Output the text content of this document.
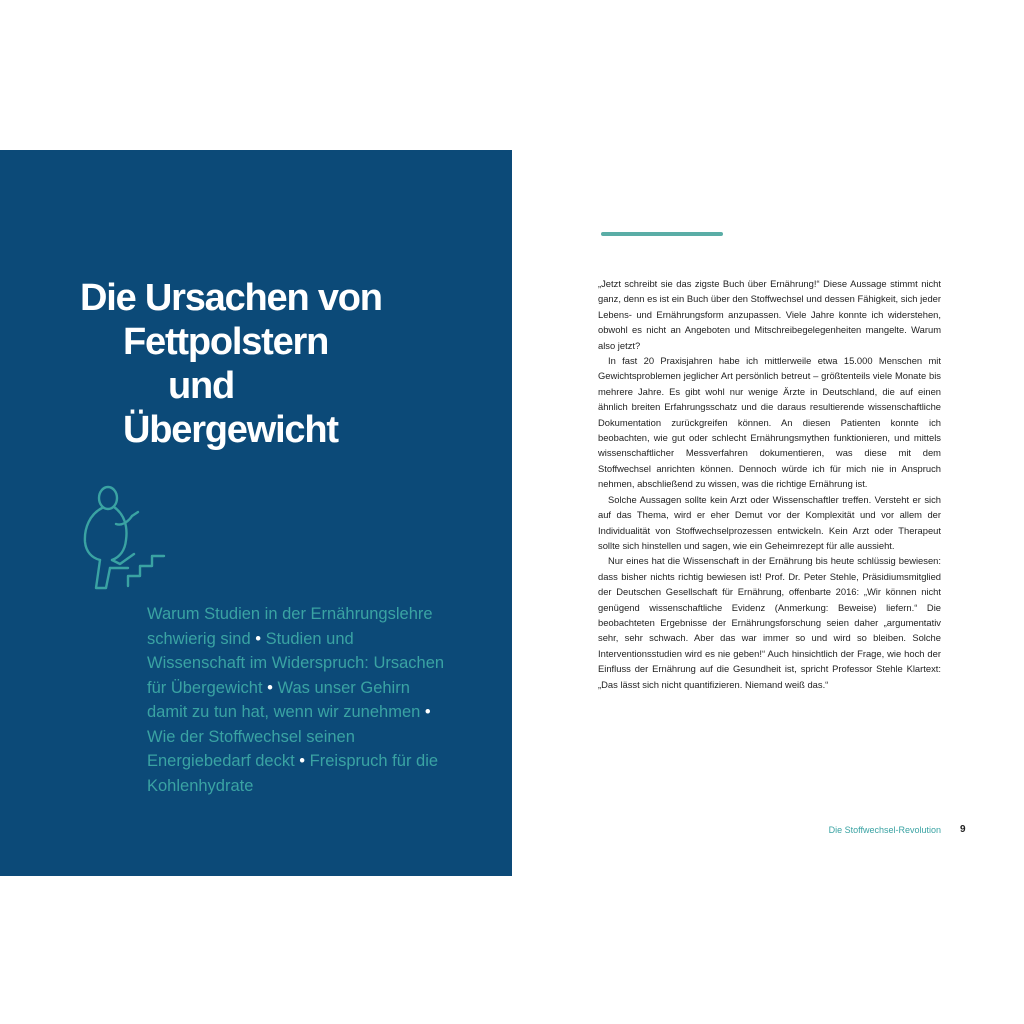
Die Ursachen von
Fettpolstern
und
Übergewicht

Warum Studien in der Ernährungslehre schwierig sind • Studien und Wissenschaft im Widerspruch: Ursachen für Übergewicht • Was unser Gehirn damit zu tun hat, wenn wir zunehmen • Wie der Stoffwechsel seinen Energiebedarf deckt • Freispruch für die Kohlenhydrate

8

„Jetzt schreibt sie das zigste Buch über Ernährung!“ Diese Aussage stimmt nicht ganz, denn es ist ein Buch über den Stoffwechsel und dessen Fähigkeit, sich jeder Lebens- und Ernährungsform anzupassen. Viele Jahre konnte ich widerstehen, obwohl es nicht an Angeboten und Mitschreibegelegenheiten mangelte. Warum also jetzt?

In fast 20 Praxisjahren habe ich mittlerweile etwa 15.000 Menschen mit Gewichtsproblemen jeglicher Art persönlich betreut – größtenteils viele Monate bis mehrere Jahre. Es gibt wohl nur wenige Ärzte in Deutschland, die auf einen ähnlich breiten Erfahrungsschatz und die daraus resultierende wissenschaftliche Dokumentation zurückgreifen können. An diesen Patienten konnte ich beobachten, wie gut oder schlecht Ernährungsmythen funktionieren, und mittels wissenschaftlicher Messverfahren dokumentieren, was diese mit dem Stoffwechsel anrichten können. Dennoch würde ich für mich nie in Anspruch nehmen, abschließend zu wissen, was die richtige Ernährung ist.

Solche Aussagen sollte kein Arzt oder Wissenschaftler treffen. Versteht er sich auf das Thema, wird er eher Demut vor der Komplexität und vor allem der Individualität von Stoffwechselprozessen entwickeln. Kein Arzt oder Therapeut sollte sich hinstellen und sagen, wie ein Geheimrezept für alle aussieht.

Nur eines hat die Wissenschaft in der Ernährung bis heute schlüssig bewiesen: dass bisher nichts richtig bewiesen ist! Prof. Dr. Peter Stehle, Präsidiumsmitglied der Deutschen Gesellschaft für Ernährung, offenbarte 2016: „Wir können nicht genügend wissenschaftliche Evidenz (Anmerkung: Beweise) liefern.“ Die beobachteten Ergebnisse der Ernährungsforschung seien daher „argumentativ sehr, sehr schwach. Aber das war immer so und wird so bleiben. Solche Interventionsstudien wird es nie geben!“ Auch hinsichtlich der Frage, wie hoch der Einfluss der Ernährung auf die Gesundheit ist, spricht Professor Stehle Klartext: „Das lässt sich nicht quantifizieren. Niemand weiß das.“

Die Stoffwechsel-Revolution 9
